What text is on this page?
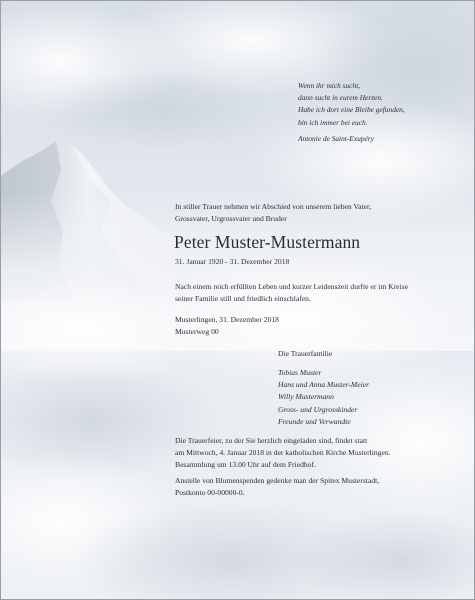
Wenn ihr mich sucht,
dann sucht in eurem Herzen.
Habe ich dort eine Bleibe gefunden,
bin ich immer bei euch.
Antonie de Saint-Exupéry
In stiller Trauer nehmen wir Abschied von unserem lieben Vater,
Grossvater, Urgrossvater und Bruder
Peter Muster-Mustermann
31. Januar 1920 - 31. Dezember 2018
Nach einem reich erfüllten Leben und kurzer Leidenszeit durfte er im Kreise
seiner Familie still und friedlich einschlafen.
Musterlingen, 31. Dezember 2018
Musterweg 00
Die Trauerfamilie
Tobias Muster
Hans und Anna Muster-Meier
Willy Mustermann
Gross- und Urgrosskinder
Freunde und Verwandte
Die Trauerfeier, zu der Sie herzlich eingeladen sind, findet statt
am Mittwoch, 4. Januar 2018 in der katholischen Kirche Musterlingen.
Besammlung um 13.00 Uhr auf dem Friedhof.
Anstelle von Blumenspenden gedenke man der Spitex Musterstadt,
Postkonto 00-00000-0.
